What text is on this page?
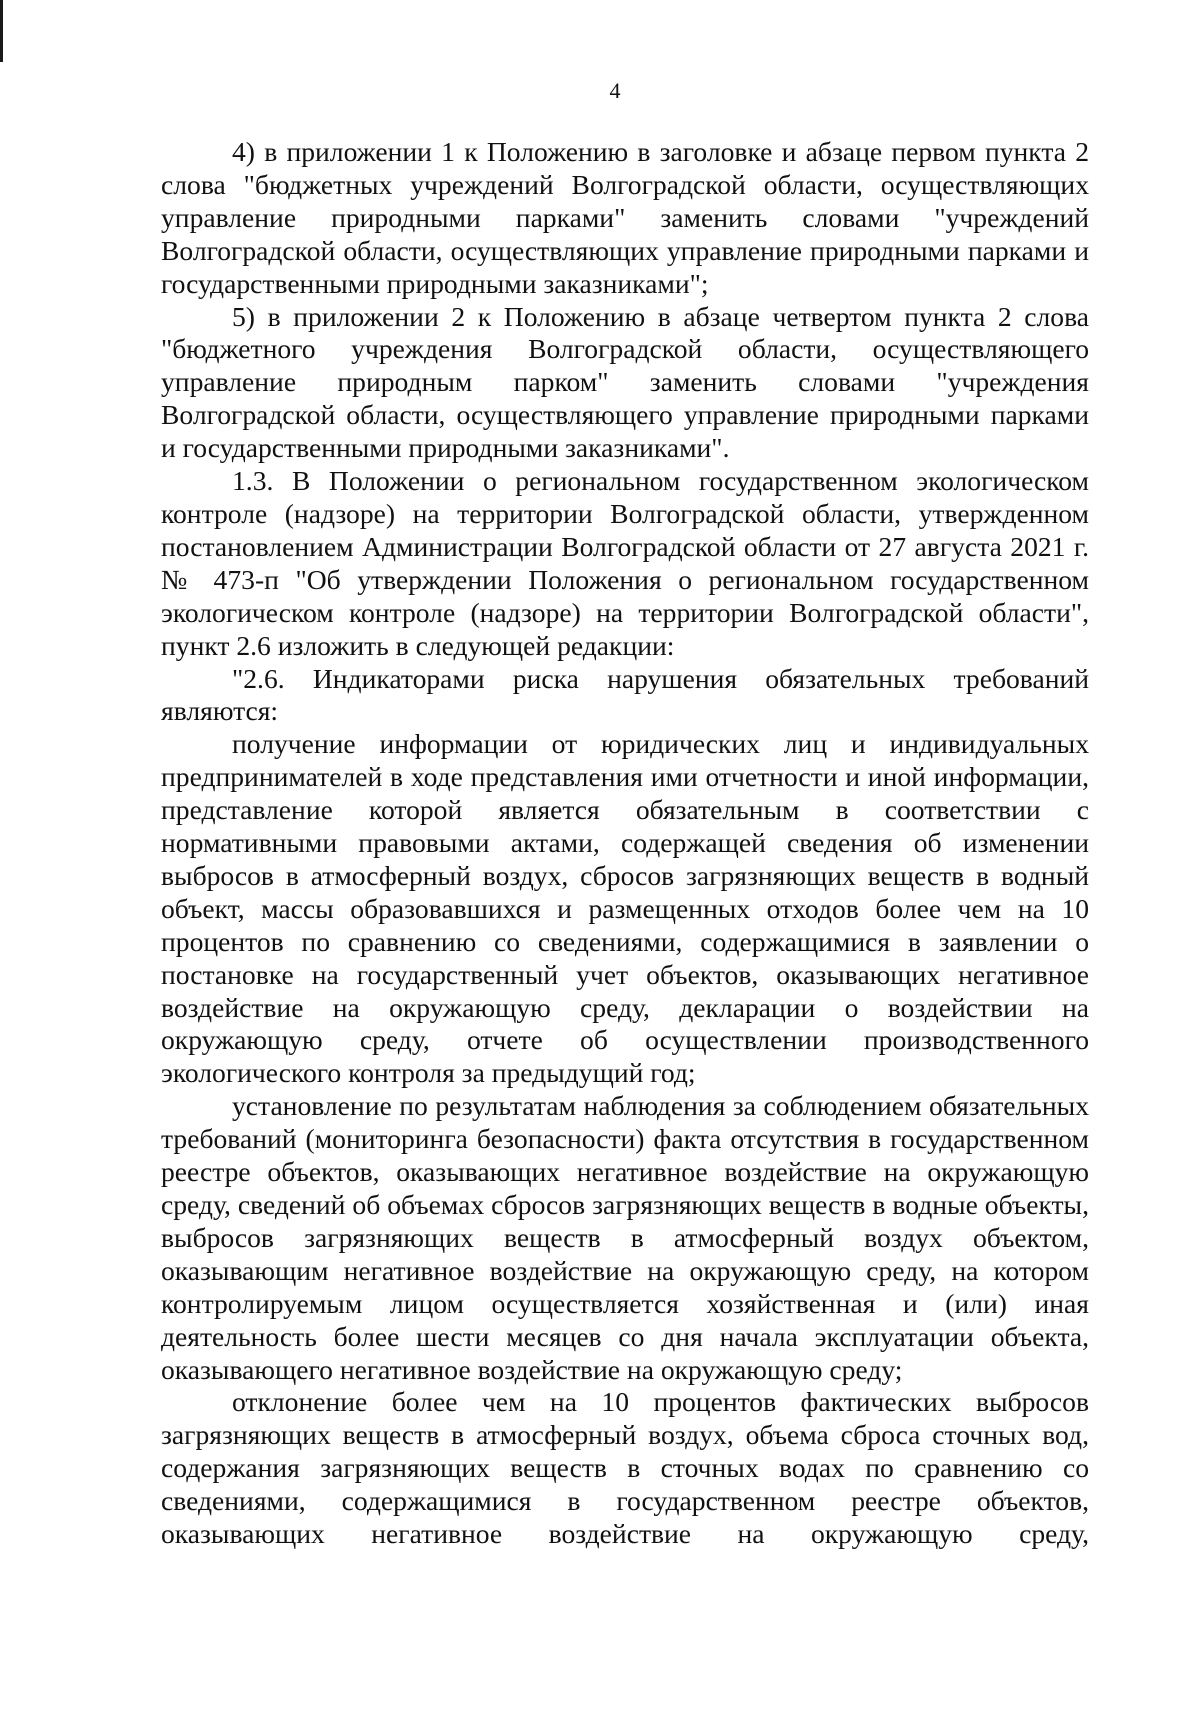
4

4) в приложении 1 к Положению в заголовке и абзаце первом пункта 2 слова "бюджетных учреждений Волгоградской области, осуществляющих управление природными парками" заменить словами "учреждений Волгоградской области, осуществляющих управление природными парками и государственными природными заказниками";

5) в приложении 2 к Положению в абзаце четвертом пункта 2 слова "бюджетного учреждения Волгоградской области, осуществляющего управление природным парком" заменить словами "учреждения Волгоградской области, осуществляющего управление природными парками и государственными природными заказниками".

1.3. В Положении о региональном государственном экологическом контроле (надзоре) на территории Волгоградской области, утвержденном постановлением Администрации Волгоградской области от 27 августа 2021 г. № 473-п "Об утверждении Положения о региональном государственном экологическом контроле (надзоре) на территории Волгоградской области", пункт 2.6 изложить в следующей редакции:

"2.6. Индикаторами риска нарушения обязательных требований являются:

получение информации от юридических лиц и индивидуальных предпринимателей в ходе представления ими отчетности и иной информации, представление которой является обязательным в соответствии с нормативными правовыми актами, содержащей сведения об изменении выбросов в атмосферный воздух, сбросов загрязняющих веществ в водный объект, массы образовавшихся и размещенных отходов более чем на 10 процентов по сравнению со сведениями, содержащимися в заявлении о постановке на государственный учет объектов, оказывающих негативное воздействие на окружающую среду, декларации о воздействии на окружающую среду, отчете об осуществлении производственного экологического контроля за предыдущий год;

установление по результатам наблюдения за соблюдением обязательных требований (мониторинга безопасности) факта отсутствия в государственном реестре объектов, оказывающих негативное воздействие на окружающую среду, сведений об объемах сбросов загрязняющих веществ в водные объекты, выбросов загрязняющих веществ в атмосферный воздух объектом, оказывающим негативное воздействие на окружающую среду, на котором контролируемым лицом осуществляется хозяйственная и (или) иная деятельность более шести месяцев со дня начала эксплуатации объекта, оказывающего негативное воздействие на окружающую среду;

отклонение более чем на 10 процентов фактических выбросов загрязняющих веществ в атмосферный воздух, объема сброса сточных вод, содержания загрязняющих веществ в сточных водах по сравнению со сведениями, содержащимися в государственном реестре объектов, оказывающих негативное воздействие на окружающую среду,
